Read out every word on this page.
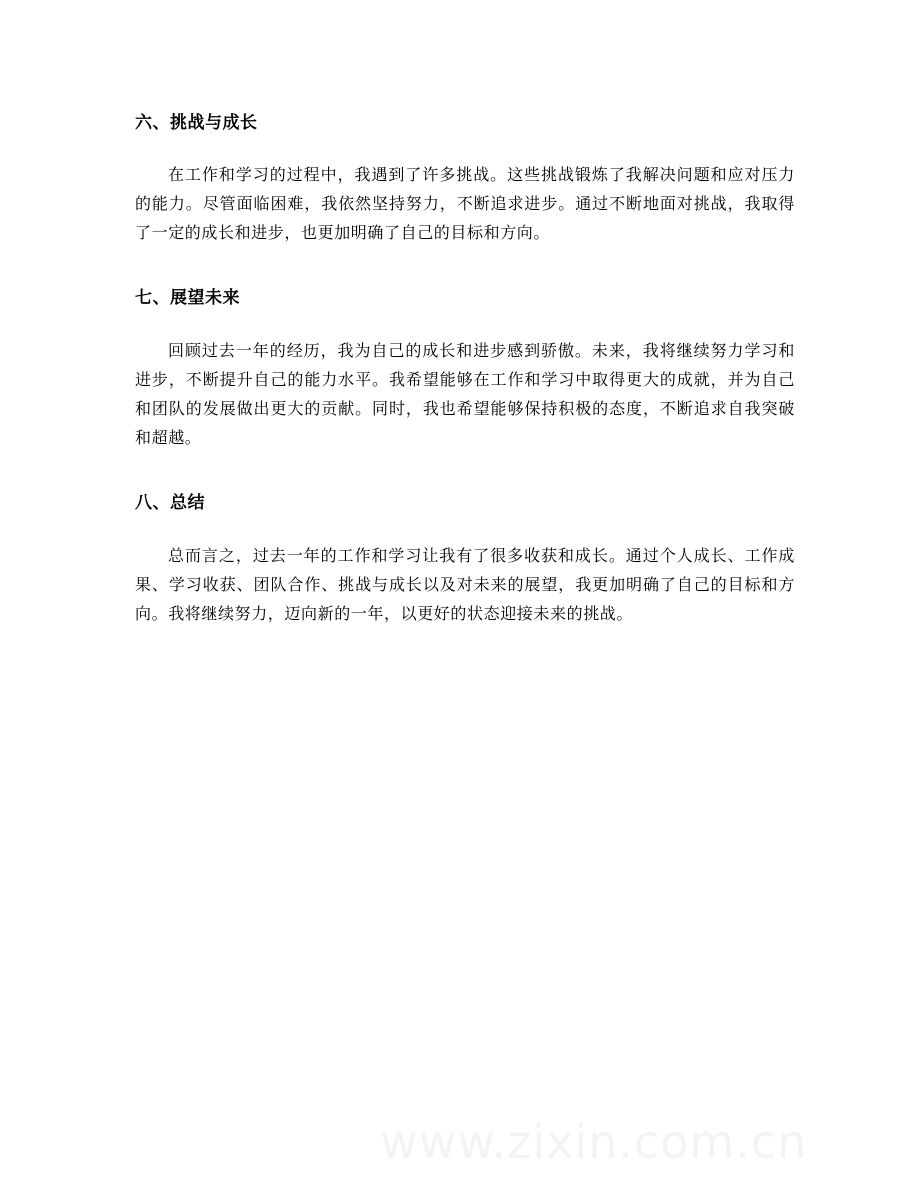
六、挑战与成长

在工作和学习的过程中，我遇到了许多挑战。这些挑战锻炼了我解决问题和应对压力的能力。尽管面临困难，我依然坚持努力，不断追求进步。通过不断地面对挑战，我取得了一定的成长和进步，也更加明确了自己的目标和方向。

七、展望未来

回顾过去一年的经历，我为自己的成长和进步感到骄傲。未来，我将继续努力学习和进步，不断提升自己的能力水平。我希望能够在工作和学习中取得更大的成就，并为自己和团队的发展做出更大的贡献。同时，我也希望能够保持积极的态度，不断追求自我突破和超越。

八、总结

总而言之，过去一年的工作和学习让我有了很多收获和成长。通过个人成长、工作成果、学习收获、团队合作、挑战与成长以及对未来的展望，我更加明确了自己的目标和方向。我将继续努力，迈向新的一年，以更好的状态迎接未来的挑战。
